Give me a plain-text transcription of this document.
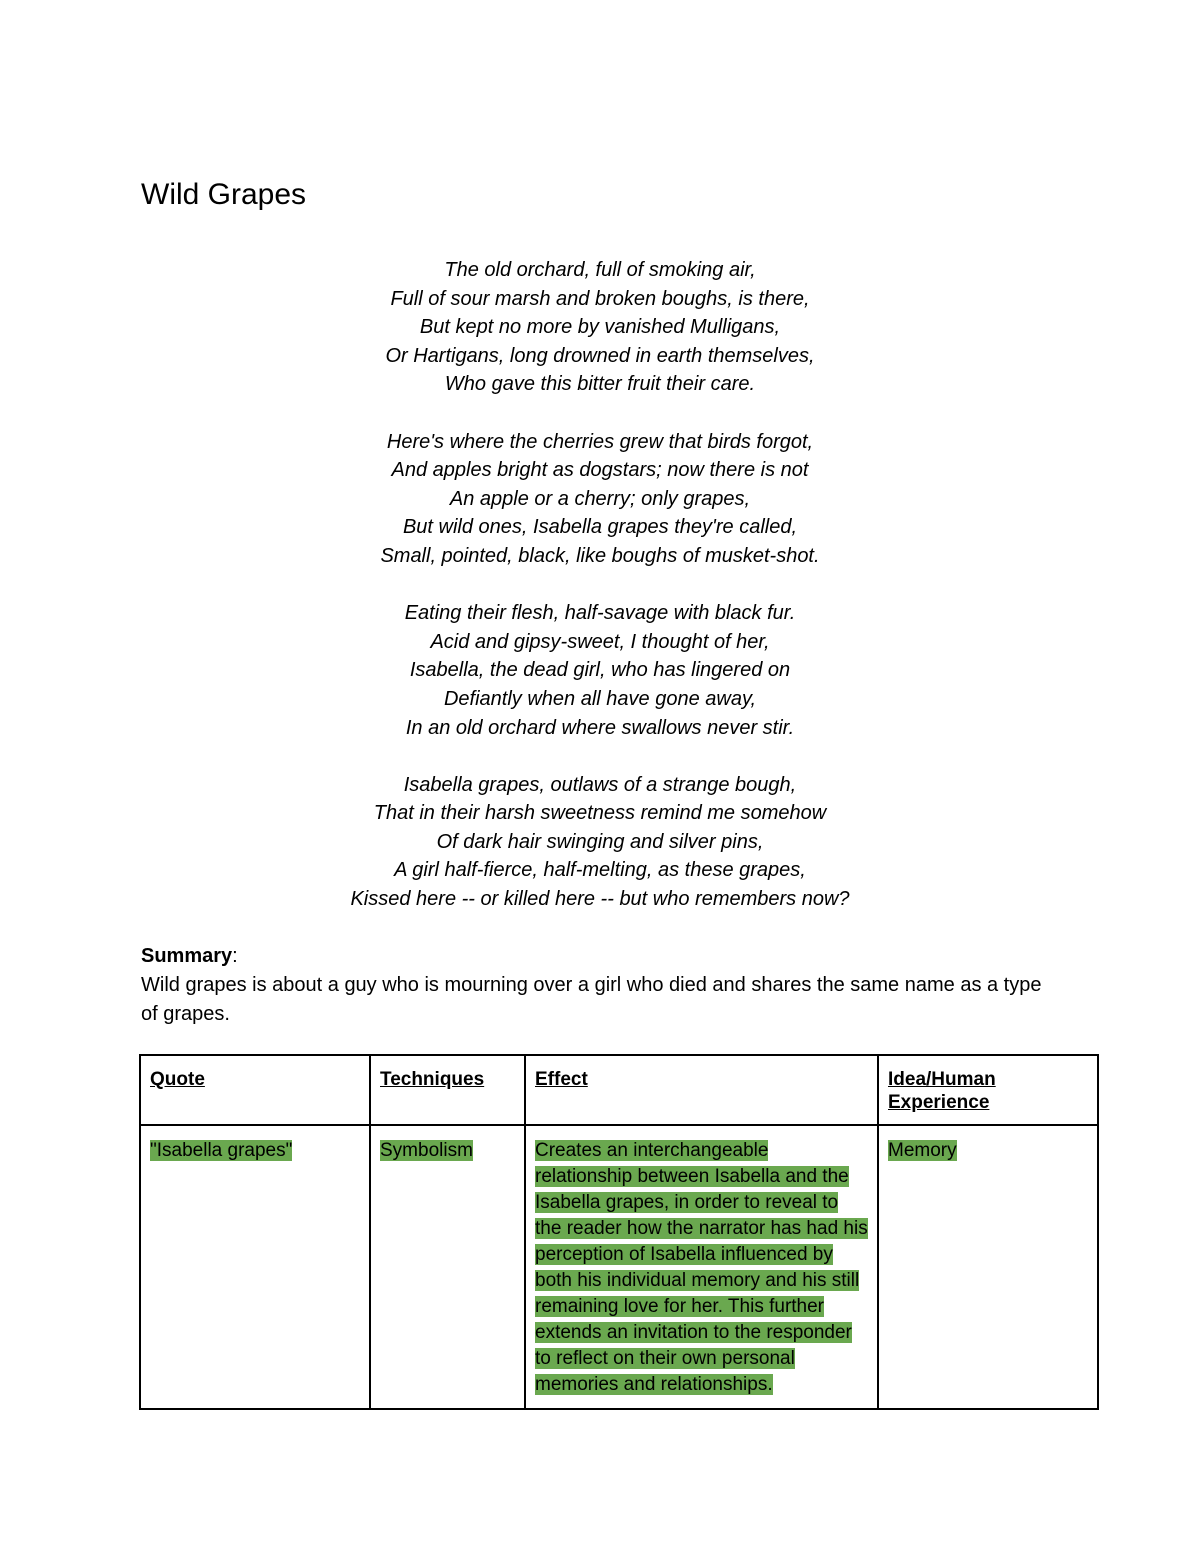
Wild Grapes
The old orchard, full of smoking air,
Full of sour marsh and broken boughs, is there,
But kept no more by vanished Mulligans,
Or Hartigans, long drowned in earth themselves,
Who gave this bitter fruit their care.
Here's where the cherries grew that birds forgot,
And apples bright as dogstars; now there is not
An apple or a cherry; only grapes,
But wild ones, Isabella grapes they're called,
Small, pointed, black, like boughs of musket-shot.
Eating their flesh, half-savage with black fur.
Acid and gipsy-sweet, I thought of her,
Isabella, the dead girl, who has lingered on
Defiantly when all have gone away,
In an old orchard where swallows never stir.
Isabella grapes, outlaws of a strange bough,
That in their harsh sweetness remind me somehow
Of dark hair swinging and silver pins,
A girl half-fierce, half-melting, as these grapes,
Kissed here -- or killed here -- but who remembers now?
Summary:
Wild grapes is about a guy who is mourning over a girl who died and shares the same name as a type of grapes.
Quote	Techniques	Effect	Idea/Human Experience
"Isabella grapes"	Symbolism	Creates an interchangeable relationship between Isabella and the Isabella grapes, in order to reveal to the reader how the narrator has had his perception of Isabella influenced by both his individual memory and his still remaining love for her. This further extends an invitation to the responder to reflect on their own personal memories and relationships.	Memory
